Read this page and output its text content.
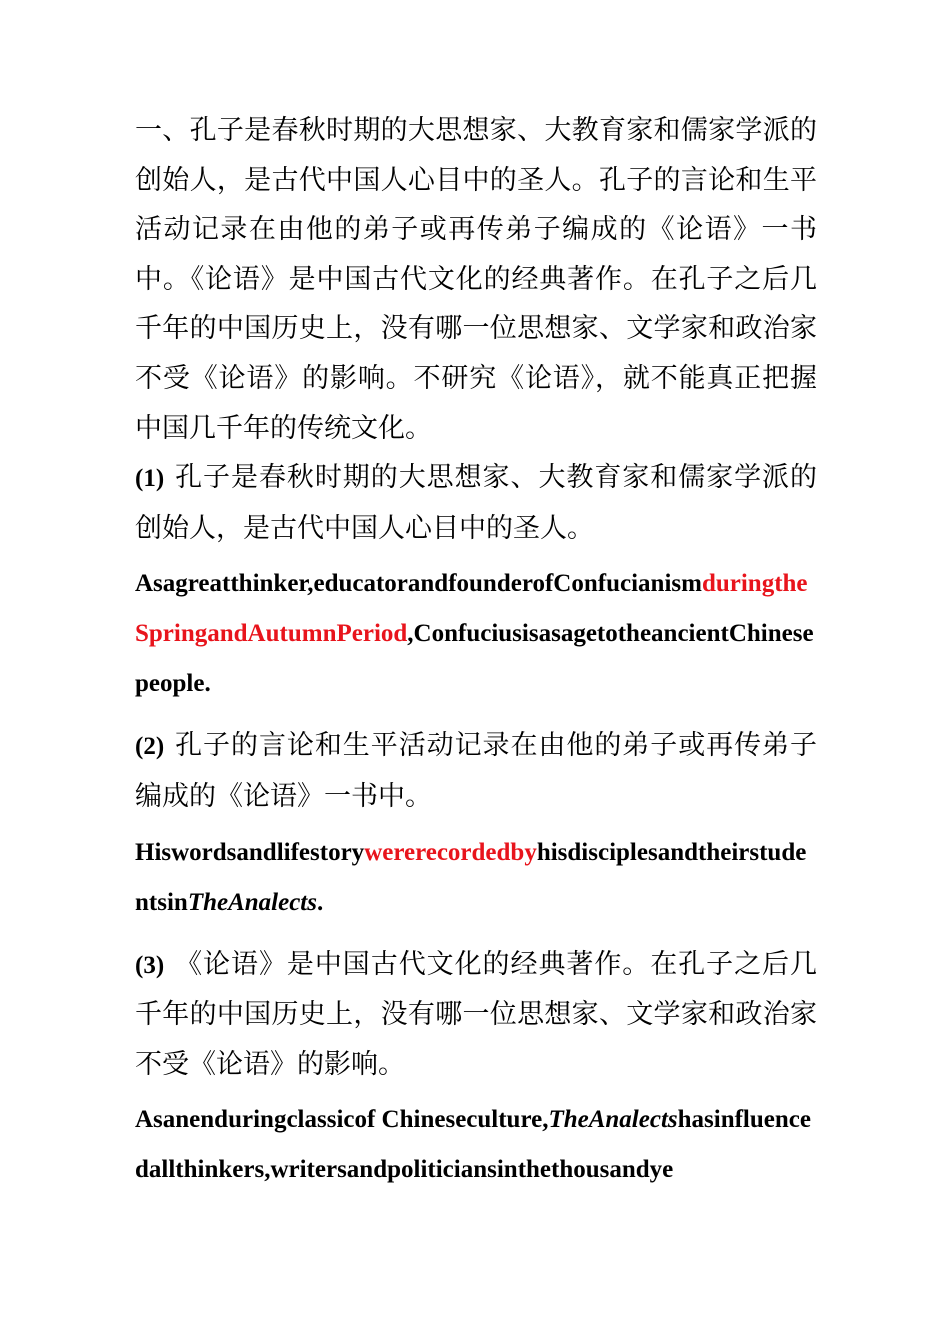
一、孔子是春秋时期的大思想家、大教育家和儒家学派的创始人，是古代中国人心目中的圣人。孔子的言论和生平活动记录在由他的弟子或再传弟子编成的《论语》一书中。《论语》是中国古代文化的经典著作。在孔子之后几千年的中国历史上，没有哪一位思想家、文学家和政治家不受《论语》的影响。不研究《论语》，就不能真正把握中国几千年的传统文化。

(1) 孔子是春秋时期的大思想家、大教育家和儒家学派的创始人，是古代中国人心目中的圣人。

Asagreatthinker,educatorandfounderofConfucianismduringtheSpringandAutumnPeriod,ConfuciusisasagetotheancientChinesepeople.

(2) 孔子的言论和生平活动记录在由他的弟子或再传弟子编成的《论语》一书中。

HiswordsandlifestorywererecordedbyhisdisciplesandtheirstudentsinTheAnalects.

(3) 《论语》是中国古代文化的经典著作。在孔子之后几千年的中国历史上，没有哪一位思想家、文学家和政治家不受《论语》的影响。

Asanenduringclassicof Chineseculture,TheAnalectshasinfluencedallthinkers,writersandpoliticiansinthethousandye
